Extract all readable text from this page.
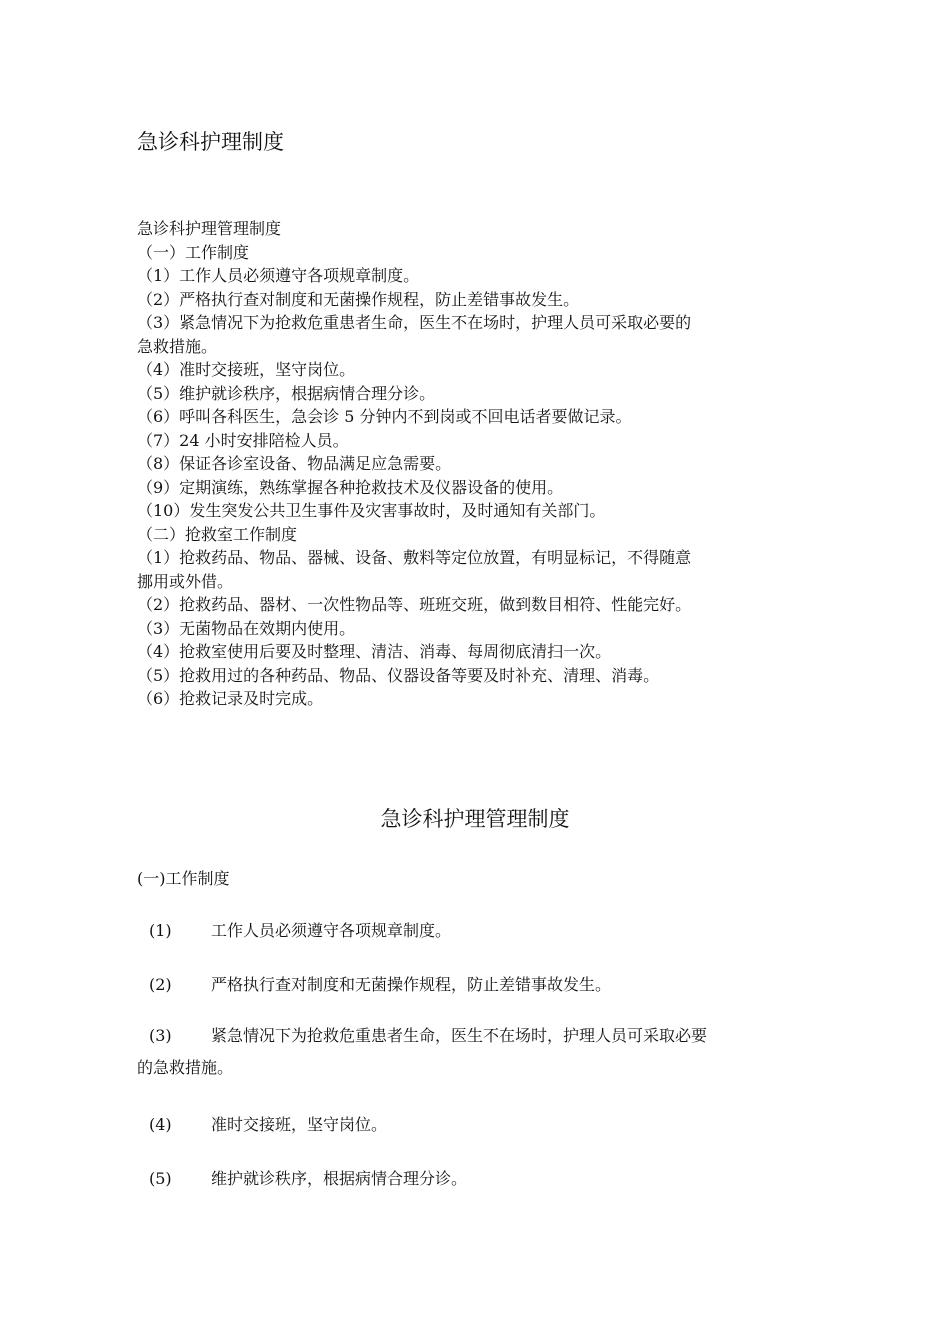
急诊科护理制度
急诊科护理管理制度
（一）工作制度
（1）工作人员必须遵守各项规章制度。
（2）严格执行查对制度和无菌操作规程，防止差错事故发生。
（3）紧急情况下为抢救危重患者生命，医生不在场时，护理人员可采取必要的
急救措施。
（4）准时交接班，坚守岗位。
（5）维护就诊秩序，根据病情合理分诊。
（6）呼叫各科医生，急会诊 5 分钟内不到岗或不回电话者要做记录。
（7）24 小时安排陪检人员。
（8）保证各诊室设备、物品满足应急需要。
（9）定期演练，熟练掌握各种抢救技术及仪器设备的使用。
（10）发生突发公共卫生事件及灾害事故时，及时通知有关部门。
（二）抢救室工作制度
（1）抢救药品、物品、器械、设备、敷料等定位放置，有明显标记，不得随意
挪用或外借。
（2）抢救药品、器材、一次性物品等、班班交班，做到数目相符、性能完好。
（3）无菌物品在效期内使用。
（4）抢救室使用后要及时整理、清洁、消毒、每周彻底清扫一次。
（5）抢救用过的各种药品、物品、仪器设备等要及时补充、清理、消毒。
（6）抢救记录及时完成。
急诊科护理管理制度
(一)工作制度
(1) 工作人员必须遵守各项规章制度。
(2) 严格执行查对制度和无菌操作规程，防止差错事故发生。
(3) 紧急情况下为抢救危重患者生命，医生不在场时，护理人员可采取必要
的急救措施。
(4) 准时交接班，坚守岗位。
(5) 维护就诊秩序，根据病情合理分诊。
